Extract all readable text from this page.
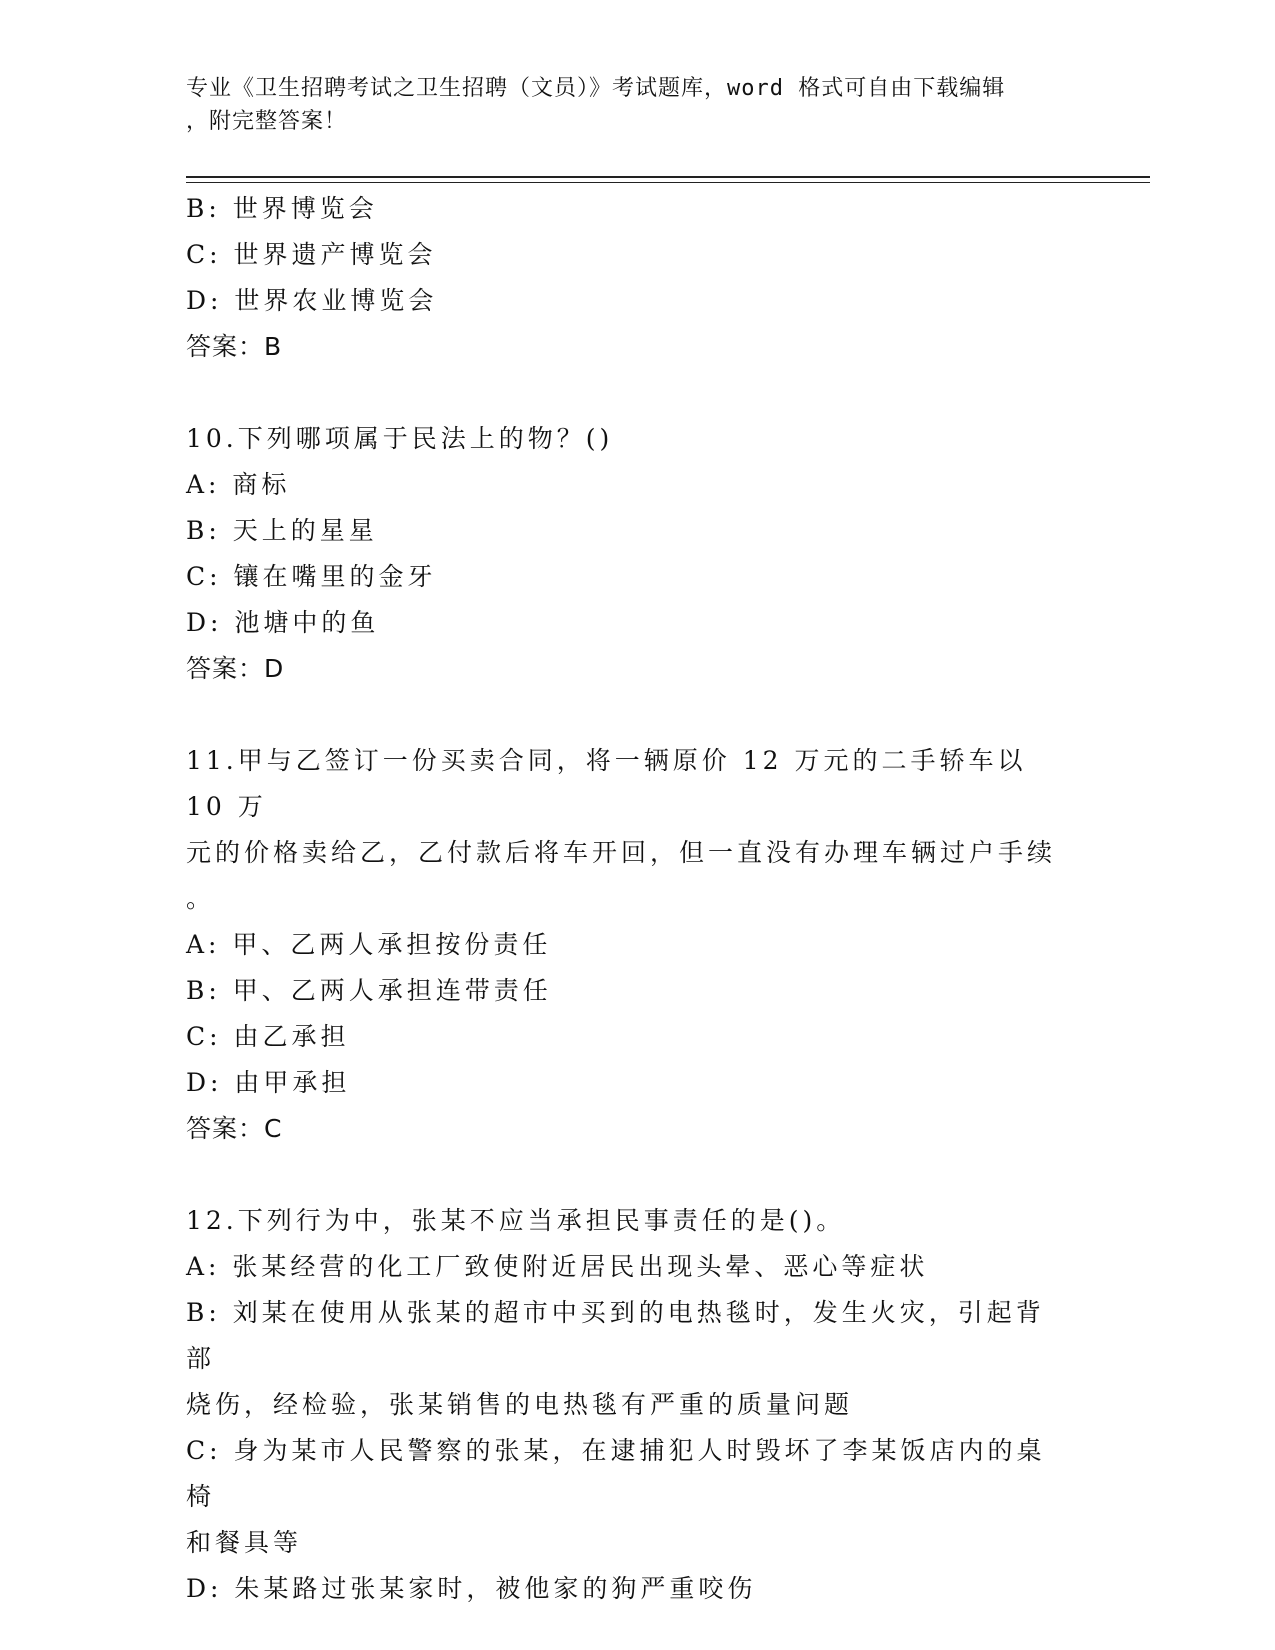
专业《卫生招聘考试之卫生招聘（文员）》考试题库，word 格式可自由下载编辑
，附完整答案！
B: 世界博览会
C: 世界遗产博览会
D: 世界农业博览会
答案：B
10.下列哪项属于民法上的物？()
A: 商标
B: 天上的星星
C: 镶在嘴里的金牙
D: 池塘中的鱼
答案：D
11.甲与乙签订一份买卖合同，将一辆原价 12 万元的二手轿车以 10 万
元的价格卖给乙，乙付款后将车开回，但一直没有办理车辆过户手续
。
A: 甲、乙两人承担按份责任
B: 甲、乙两人承担连带责任
C: 由乙承担
D: 由甲承担
答案：C
12.下列行为中，张某不应当承担民事责任的是()。
A: 张某经营的化工厂致使附近居民出现头晕、恶心等症状
B: 刘某在使用从张某的超市中买到的电热毯时，发生火灾，引起背部
烧伤，经检验，张某销售的电热毯有严重的质量问题
C: 身为某市人民警察的张某，在逮捕犯人时毁坏了李某饭店内的桌椅
和餐具等
D: 朱某路过张某家时，被他家的狗严重咬伤
